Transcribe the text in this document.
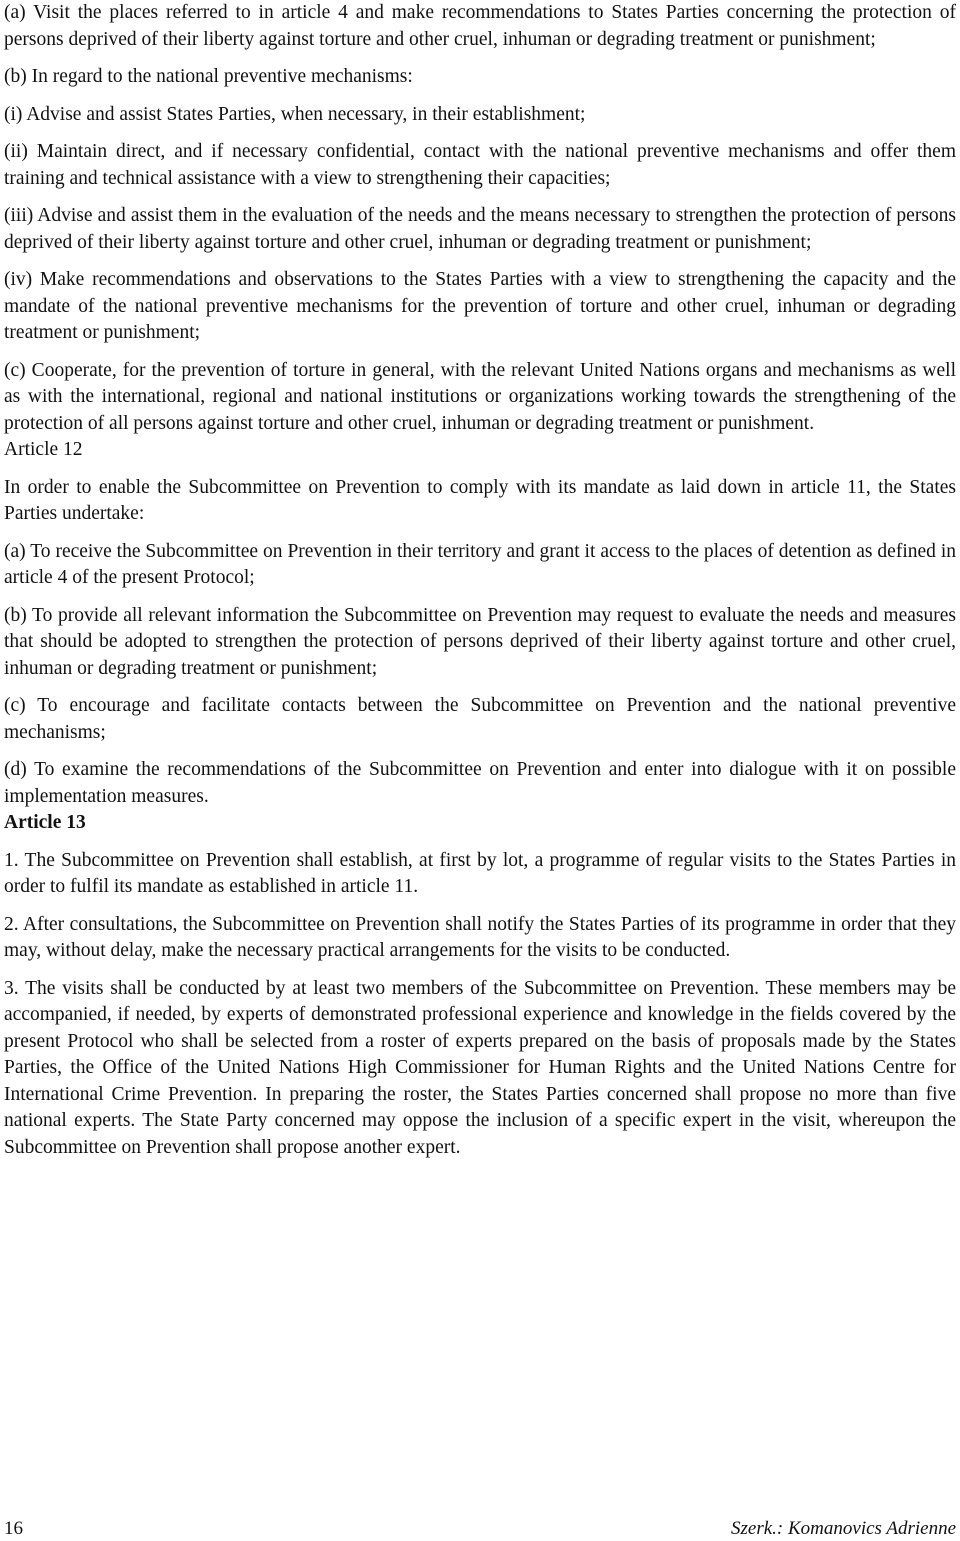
(a) Visit the places referred to in article 4 and make recommendations to States Parties concerning the protection of persons deprived of their liberty against torture and other cruel, inhuman or degrading treatment or punishment;

(b) In regard to the national preventive mechanisms:

(i) Advise and assist States Parties, when necessary, in their establishment;

(ii) Maintain direct, and if necessary confidential, contact with the national preventive mechanisms and offer them training and technical assistance with a view to strengthening their capacities;

(iii) Advise and assist them in the evaluation of the needs and the means necessary to strengthen the protection of persons deprived of their liberty against torture and other cruel, inhuman or degrading treatment or punishment;

(iv) Make recommendations and observations to the States Parties with a view to strengthening the capacity and the mandate of the national preventive mechanisms for the prevention of torture and other cruel, inhuman or degrading treatment or punishment;

(c) Cooperate, for the prevention of torture in general, with the relevant United Nations organs and mechanisms as well as with the international, regional and national institutions or organizations working towards the strengthening of the protection of all persons against torture and other cruel, inhuman or degrading treatment or punishment.

Article 12

In order to enable the Subcommittee on Prevention to comply with its mandate as laid down in article 11, the States Parties undertake:

(a) To receive the Subcommittee on Prevention in their territory and grant it access to the places of detention as defined in article 4 of the present Protocol;

(b) To provide all relevant information the Subcommittee on Prevention may request to evaluate the needs and measures that should be adopted to strengthen the protection of persons deprived of their liberty against torture and other cruel, inhuman or degrading treatment or punishment;

(c) To encourage and facilitate contacts between the Subcommittee on Prevention and the national preventive mechanisms;

(d) To examine the recommendations of the Subcommittee on Prevention and enter into dialogue with it on possible implementation measures.

Article 13

1. The Subcommittee on Prevention shall establish, at first by lot, a programme of regular visits to the States Parties in order to fulfil its mandate as established in article 11.

2. After consultations, the Subcommittee on Prevention shall notify the States Parties of its programme in order that they may, without delay, make the necessary practical arrangements for the visits to be conducted.

3. The visits shall be conducted by at least two members of the Subcommittee on Prevention. These members may be accompanied, if needed, by experts of demonstrated professional experience and knowledge in the fields covered by the present Protocol who shall be selected from a roster of experts prepared on the basis of proposals made by the States Parties, the Office of the United Nations High Commissioner for Human Rights and the United Nations Centre for International Crime Prevention. In preparing the roster, the States Parties concerned shall propose no more than five national experts. The State Party concerned may oppose the inclusion of a specific expert in the visit, whereupon the Subcommittee on Prevention shall propose another expert.

16	Szerk.: Komanovics Adrienne
